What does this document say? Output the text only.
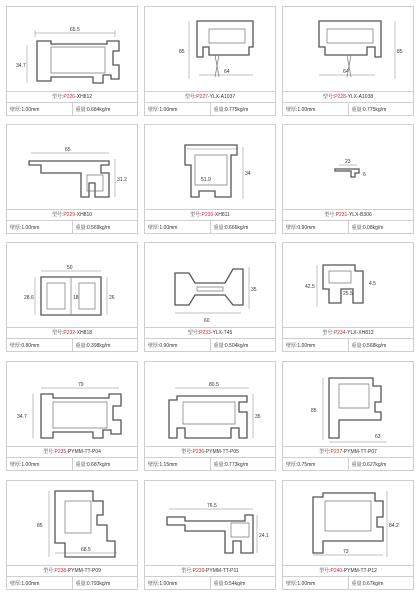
65.5
34.7
型号:P226-XH812
壁厚:1.00mm	重量:0.684kg/m
85
64
型号:P227-YLX-A1037
壁厚:1.00mm	重量:0.775kg/m
85
64
型号:P228-YLX-A1038
壁厚:1.00mm	重量:0.775kg/m
65
31.2
型号:P229-XH810
壁厚:1.00mm	重量:0.569kg/m
34
51.9
型号:P230-XH811
壁厚:1.00mm	重量:0.666kg/m
23
6
型号:P231-YLX-B306
壁厚:0.90mm	重量:0.08kg/m
50
28.6	18	26
型号:P232-XH818
壁厚:0.80mm	重量:0.398kg/m
35
60
型号:P233-YLX-T45
壁厚:0.90mm	重量:0.504kg/m
42.5
25.5
4.5
型号:P234-YLX-XH813
壁厚:1.00mm	重量:0.568kg/m
79
34.7
型号:P235-PYMM-TT-P04
壁厚:1.00mm	重量:0.687kg/m
80.5
35
型号:P236-PYMM-TT-P05
壁厚:1.15mm	重量:0.773kg/m
85
63
型号:P237-PYMM-TT-P07
壁厚:0.75mm	重量:0.627kg/m
85
68.5
型号:P238-PYMM-TT-P09
壁厚:1.00mm	重量:0.793kg/m
76.5
24.1
型号:P239-PYMM-TT-P11
壁厚:1.00mm	重量:0.54kg/m
84.2
73
型号:P240-PYMM-TT-P12
壁厚:1.00mm	重量:0.67kg/m
